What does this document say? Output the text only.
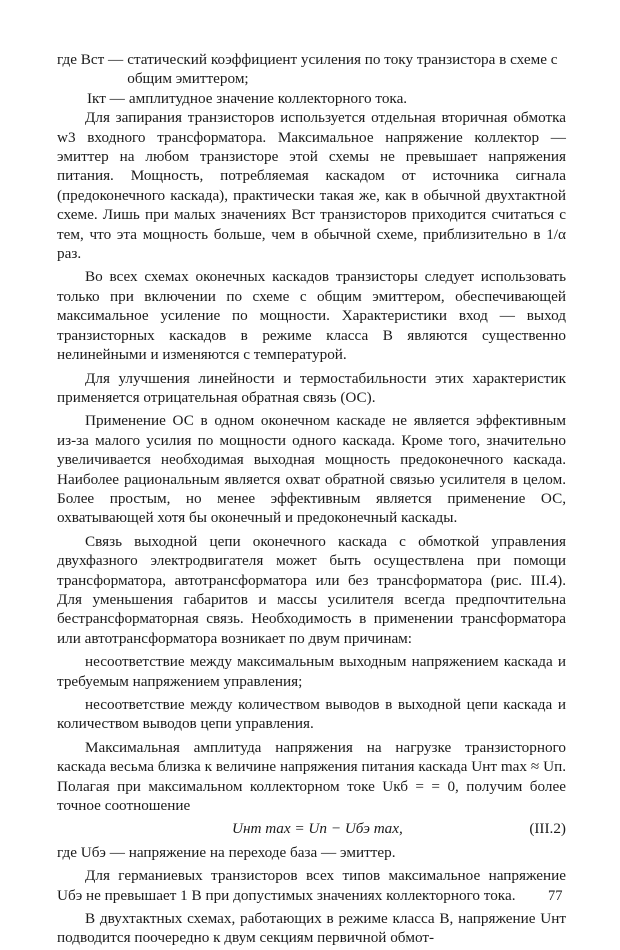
где Bст — статический коэффициент усиления по току транзистора в схеме с общим эмиттером;
Iкт — амплитудное значение коллекторного тока.

Для запирания транзисторов используется отдельная вторичная обмотка w3 входного трансформатора. Максимальное напряжение коллектор — эмиттер на любом транзисторе этой схемы не превышает напряжения питания. Мощность, потребляемая каскадом от источника сигнала (предоконечного каскада), практически такая же, как в обычной двухтактной схеме. Лишь при малых значениях Bст транзисторов приходится считаться с тем, что эта мощность больше, чем в обычной схеме, приблизительно в 1/α раз.

Во всех схемах оконечных каскадов транзисторы следует использовать только при включении по схеме с общим эмиттером, обеспечивающей максимальное усиление по мощности. Характеристики вход — выход транзисторных каскадов в режиме класса В являются существенно нелинейными и изменяются с температурой.

Для улучшения линейности и термостабильности этих характеристик применяется отрицательная обратная связь (ОС).

Применение ОС в одном оконечном каскаде не является эффективным из-за малого усилия по мощности одного каскада. Кроме того, значительно увеличивается необходимая выходная мощность предоконечного каскада. Наиболее рациональным является охват обратной связью усилителя в целом. Более простым, но менее эффективным является применение ОС, охватывающей хотя бы оконечный и предоконечный каскады.

Связь выходной цепи оконечного каскада с обмоткой управления двухфазного электродвигателя может быть осуществлена при помощи трансформатора, автотрансформатора или без трансформатора (рис. III.4). Для уменьшения габаритов и массы усилителя всегда предпочтительна бестрансформаторная связь. Необходимость в применении трансформатора или автотрансформатора возникает по двум причинам:

несоответствие между максимальным выходным напряжением каскада и требуемым напряжением управления;

несоответствие между количеством выводов в выходной цепи каскада и количеством выводов цепи управления.

Максимальная амплитуда напряжения на нагрузке транзисторного каскада весьма близка к величине напряжения питания каскада Uнт max ≈ Uп. Полагая при максимальном коллекторном токе Uкб = = 0, получим более точное соотношение

Uнт max = Uп − Uбэ max,	(III.2)

где Uбэ — напряжение на переходе база — эмиттер.

Для германиевых транзисторов всех типов максимальное напряжение Uбэ не превышает 1 В при допустимых значениях коллекторного тока.

В двухтактных схемах, работающих в режиме класса В, напряжение Uнт подводится поочередно к двум секциям первичной обмот-

77
